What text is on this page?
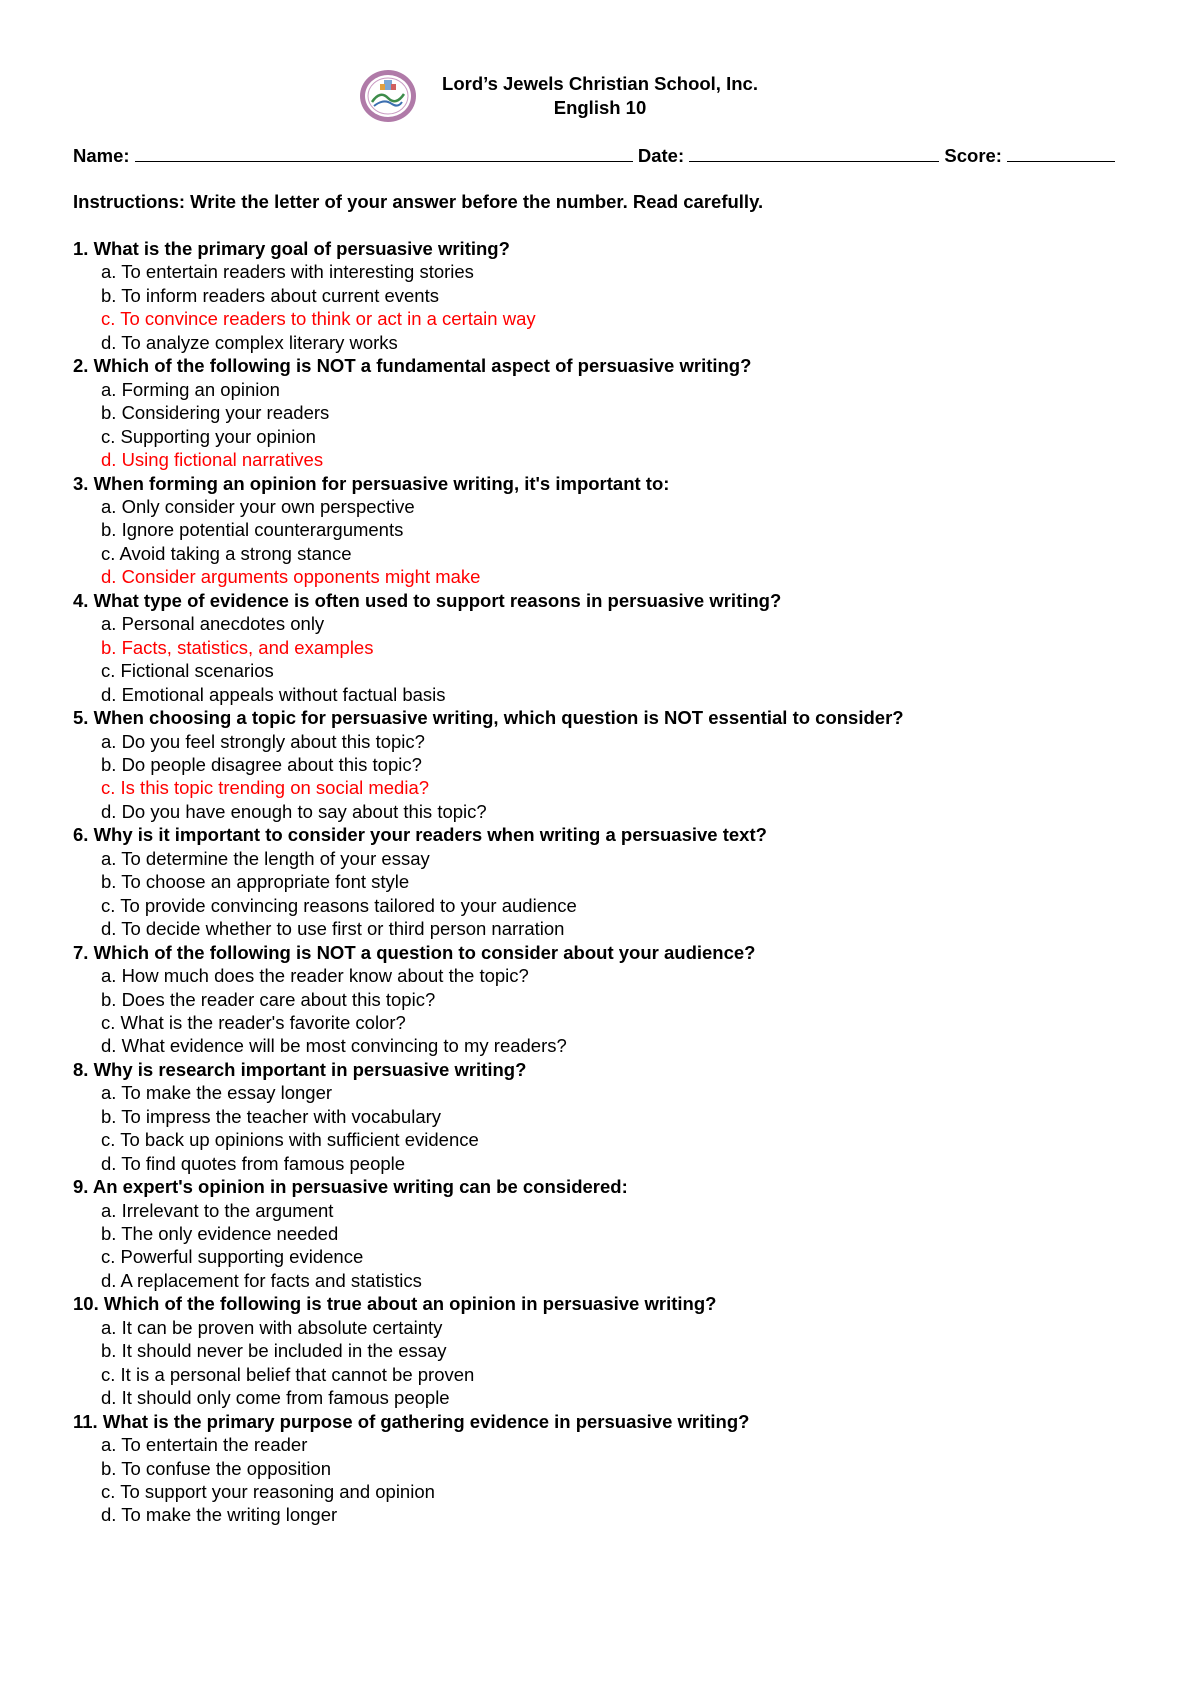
Lord’s Jewels Christian School, Inc.
English 10
Name:	Date:	Score:
Instructions: Write the letter of your answer before the number. Read carefully.
1. What is the primary goal of persuasive writing?
a. To entertain readers with interesting stories
b. To inform readers about current events
c. To convince readers to think or act in a certain way
d. To analyze complex literary works
2. Which of the following is NOT a fundamental aspect of persuasive writing?
a. Forming an opinion
b. Considering your readers
c. Supporting your opinion
d. Using fictional narratives
3. When forming an opinion for persuasive writing, it's important to:
a. Only consider your own perspective
b. Ignore potential counterarguments
c. Avoid taking a strong stance
d. Consider arguments opponents might make
4. What type of evidence is often used to support reasons in persuasive writing?
a. Personal anecdotes only
b. Facts, statistics, and examples
c. Fictional scenarios
d. Emotional appeals without factual basis
5. When choosing a topic for persuasive writing, which question is NOT essential to consider?
a. Do you feel strongly about this topic?
b. Do people disagree about this topic?
c. Is this topic trending on social media?
d. Do you have enough to say about this topic?
6. Why is it important to consider your readers when writing a persuasive text?
a. To determine the length of your essay
b. To choose an appropriate font style
c. To provide convincing reasons tailored to your audience
d. To decide whether to use first or third person narration
7. Which of the following is NOT a question to consider about your audience?
a. How much does the reader know about the topic?
b. Does the reader care about this topic?
c. What is the reader's favorite color?
d. What evidence will be most convincing to my readers?
8. Why is research important in persuasive writing?
a. To make the essay longer
b. To impress the teacher with vocabulary
c. To back up opinions with sufficient evidence
d. To find quotes from famous people
9. An expert's opinion in persuasive writing can be considered:
a. Irrelevant to the argument
b. The only evidence needed
c. Powerful supporting evidence
d. A replacement for facts and statistics
10. Which of the following is true about an opinion in persuasive writing?
a. It can be proven with absolute certainty
b. It should never be included in the essay
c. It is a personal belief that cannot be proven
d. It should only come from famous people
11. What is the primary purpose of gathering evidence in persuasive writing?
a. To entertain the reader
b. To confuse the opposition
c. To support your reasoning and opinion
d. To make the writing longer
